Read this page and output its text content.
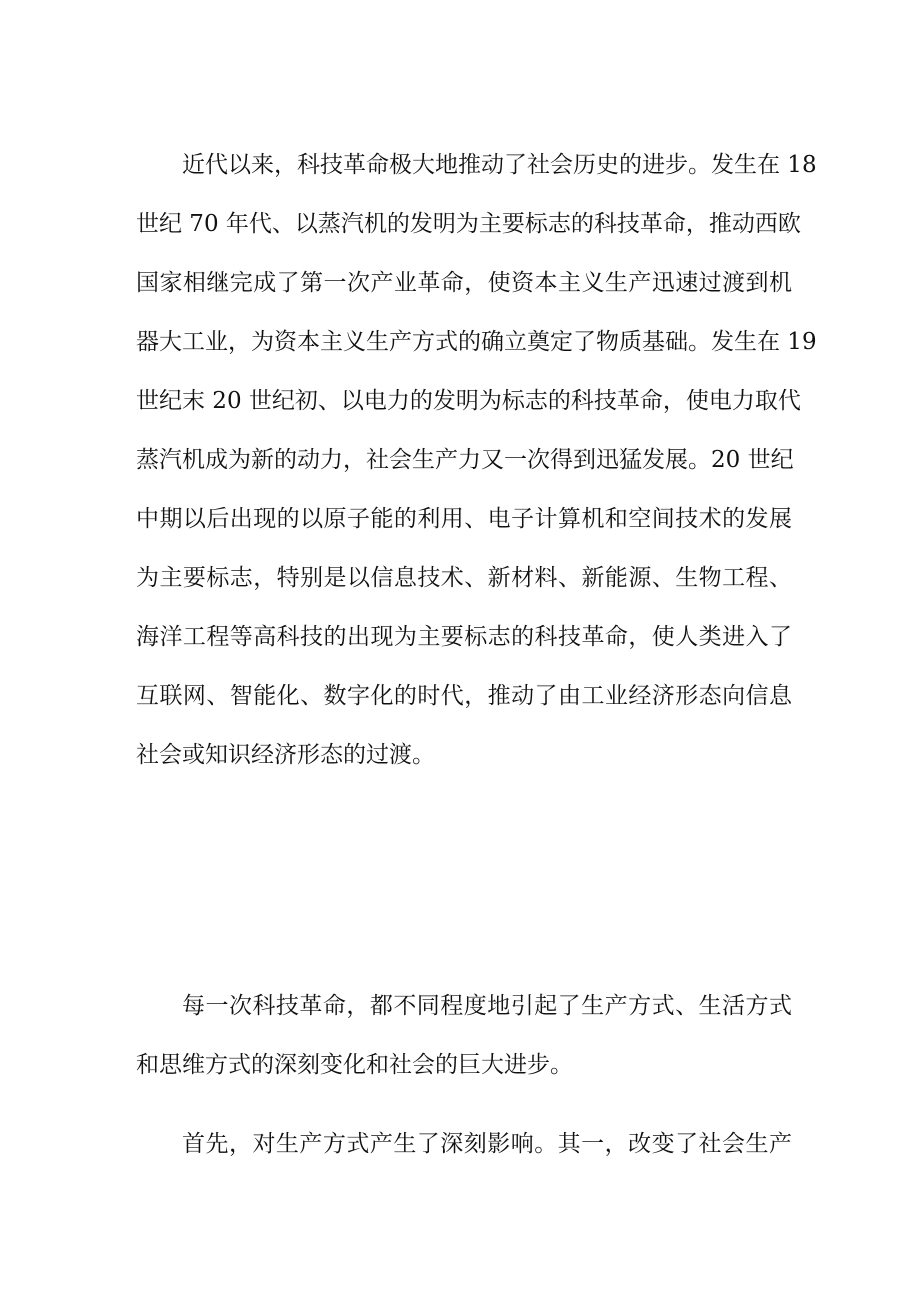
近代以来，科技革命极大地推动了社会历史的进步。发生在 18
世纪 70 年代、以蒸汽机的发明为主要标志的科技革命，推动西欧
国家相继完成了第一次产业革命，使资本主义生产迅速过渡到机
器大工业，为资本主义生产方式的确立奠定了物质基础。发生在 19
世纪末 20 世纪初、以电力的发明为标志的科技革命，使电力取代
蒸汽机成为新的动力，社会生产力又一次得到迅猛发展。20 世纪
中期以后出现的以原子能的利用、电子计算机和空间技术的发展
为主要标志，特别是以信息技术、新材料、新能源、生物工程、
海洋工程等高科技的出现为主要标志的科技革命，使人类进入了
互联网、智能化、数字化的时代，推动了由工业经济形态向信息
社会或知识经济形态的过渡。
每一次科技革命，都不同程度地引起了生产方式、生活方式
和思维方式的深刻变化和社会的巨大进步。
首先，对生产方式产生了深刻影响。其一，改变了社会生产
